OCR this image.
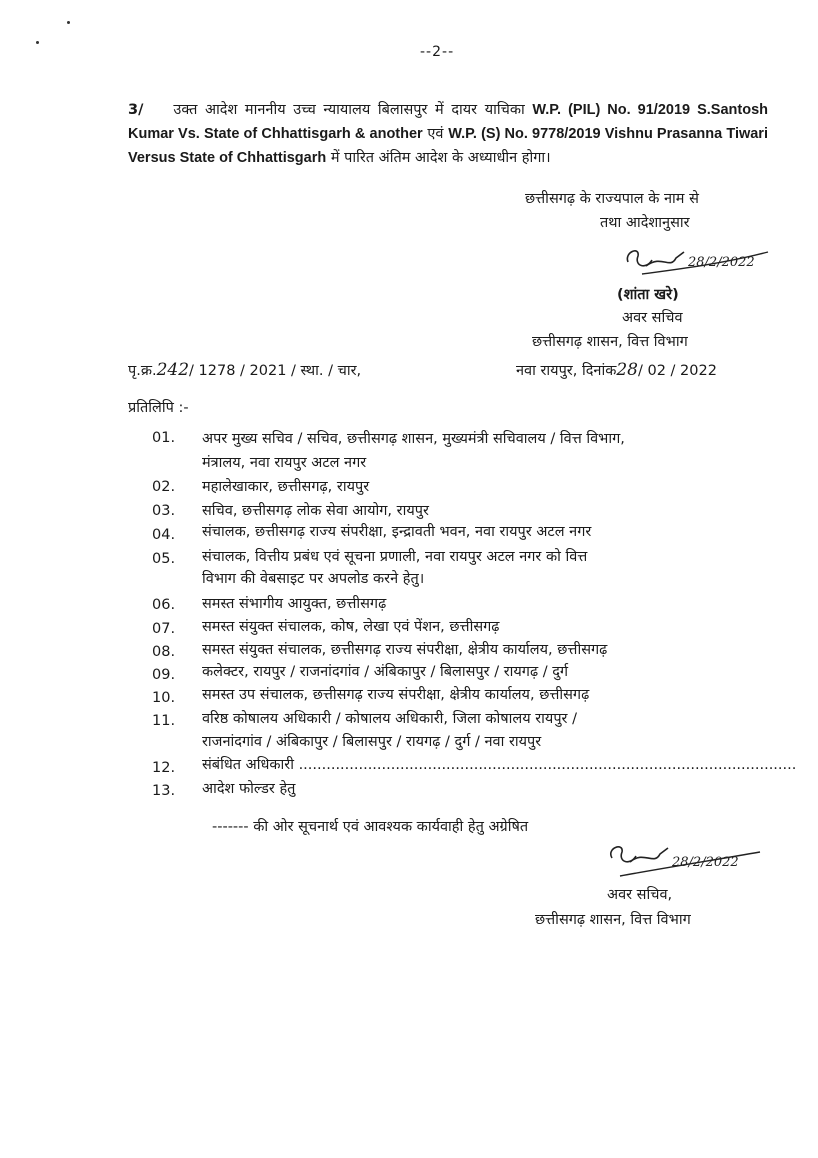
--2--
3/ उक्त आदेश माननीय उच्च न्यायालय बिलासपुर में दायर याचिका W.P. (PIL) No. 91/2019 S.Santosh Kumar Vs. State of Chhattisgarh & another एवं W.P. (S) No. 9778/2019 Vishnu Prasanna Tiwari Versus State of Chhattisgarh में पारित अंतिम आदेश के अध्याधीन होगा।
छत्तीसगढ़ के राज्यपाल के नाम से
तथा आदेशानुसार
28/2/2022
(शांता खरे)
अवर सचिव
छत्तीसगढ़ शासन, वित्त विभाग
पृ.क्र.242/ 1278 / 2021 / स्था. / चार,	नवा रायपुर, दिनांक28/ 02 / 2022
प्रतिलिपि :-
01. अपर मुख्य सचिव / सचिव, छत्तीसगढ़ शासन, मुख्यमंत्री सचिवालय / वित्त विभाग,
मंत्रालय, नवा रायपुर अटल नगर
02. महालेखाकार, छत्तीसगढ़, रायपुर
03. सचिव, छत्तीसगढ़ लोक सेवा आयोग, रायपुर
04. संचालक, छत्तीसगढ़ राज्य संपरीक्षा, इन्द्रावती भवन, नवा रायपुर अटल नगर
05. संचालक, वित्तीय प्रबंध एवं सूचना प्रणाली, नवा रायपुर अटल नगर को वित्त
विभाग की वेबसाइट पर अपलोड करने हेतु।
06. समस्त संभागीय आयुक्त, छत्तीसगढ़
07. समस्त संयुक्त संचालक, कोष, लेखा एवं पेंशन, छत्तीसगढ़
08. समस्त संयुक्त संचालक, छत्तीसगढ़ राज्य संपरीक्षा, क्षेत्रीय कार्यालय, छत्तीसगढ़
09. कलेक्टर, रायपुर / राजनांदगांव / अंबिकापुर / बिलासपुर / रायगढ़ / दुर्ग
10. समस्त उप संचालक, छत्तीसगढ़ राज्य संपरीक्षा, क्षेत्रीय कार्यालय, छत्तीसगढ़
11. वरिष्ठ कोषालय अधिकारी / कोषालय अधिकारी, जिला कोषालय रायपुर /
राजनांदगांव / अंबिकापुर / बिलासपुर / रायगढ़ / दुर्ग / नवा रायपुर
12. संबंधित अधिकारी ............................................................................................................
13. आदेश फोल्डर हेतु
------- की ओर सूचनार्थ एवं आवश्यक कार्यवाही हेतु अग्रेषित
28/2/2022
अवर सचिव,
छत्तीसगढ़ शासन, वित्त विभाग
